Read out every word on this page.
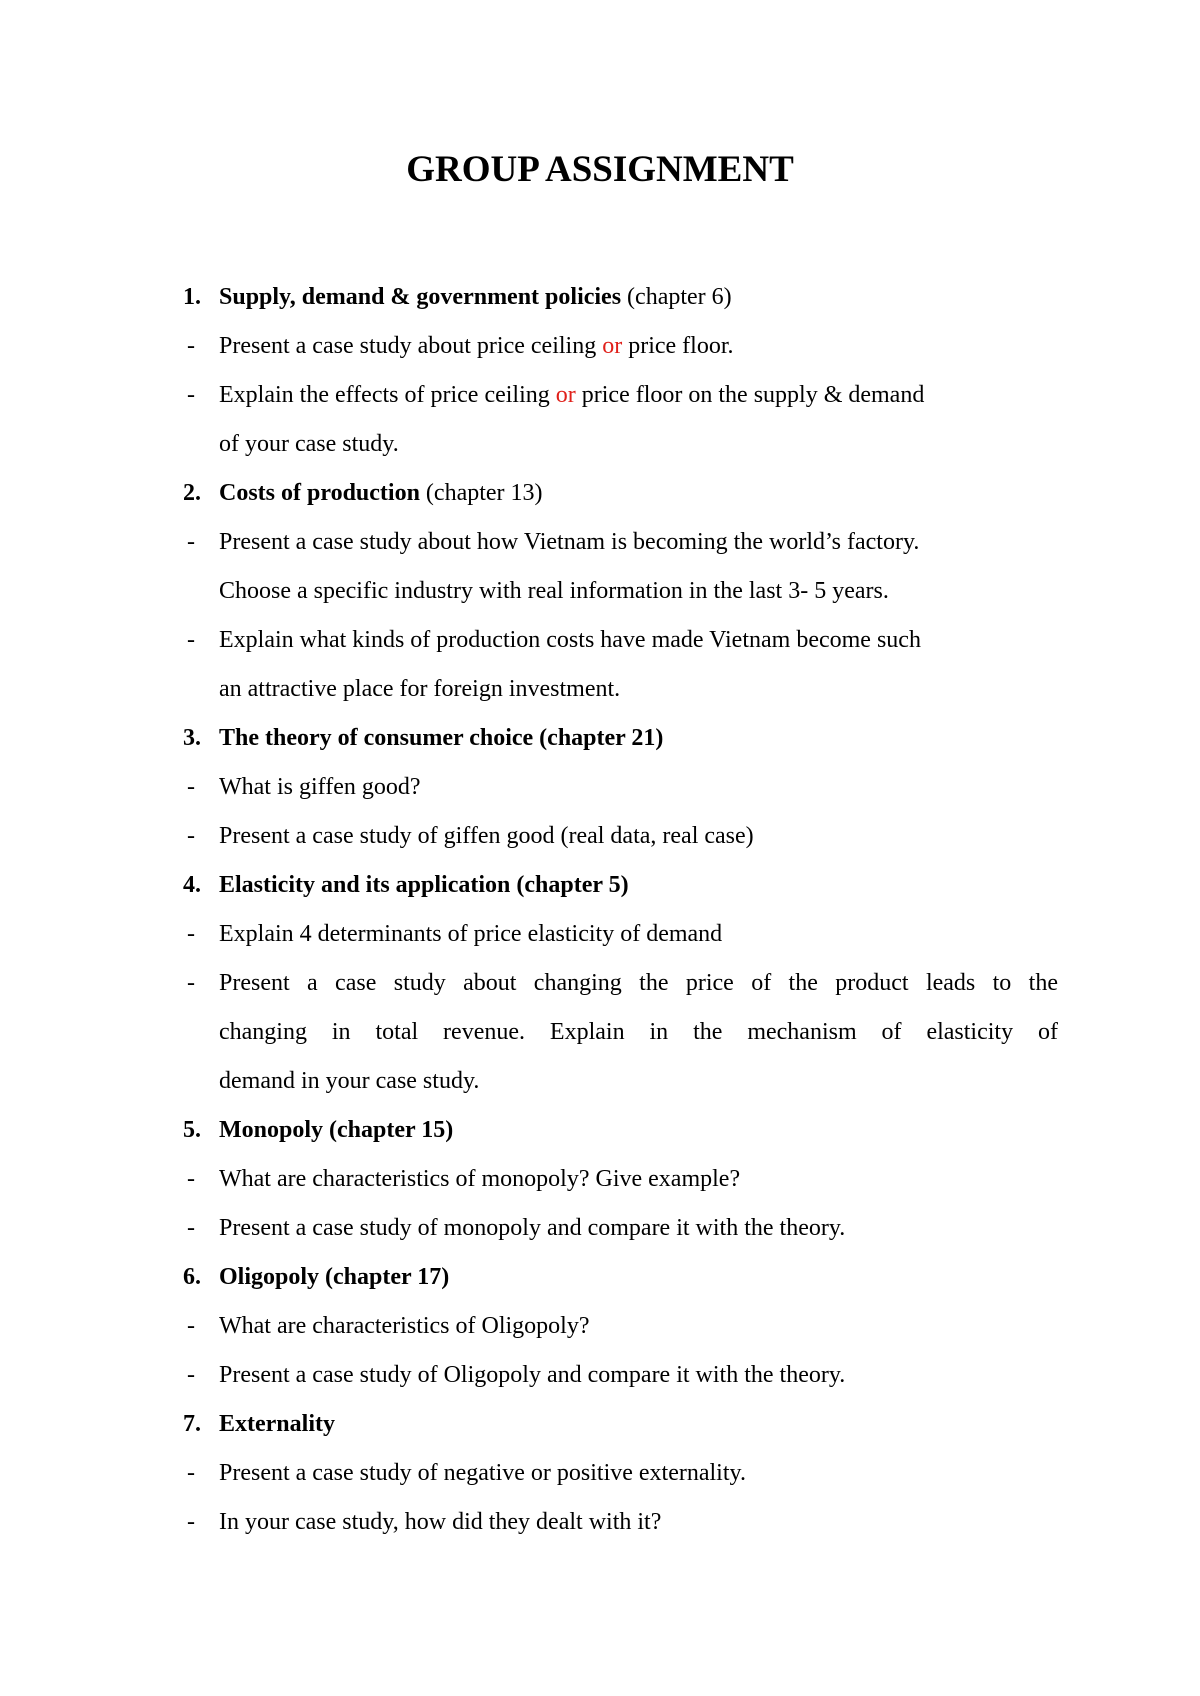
GROUP ASSIGNMENT
1. Supply, demand & government policies (chapter 6)
- Present a case study about price ceiling or price floor.
- Explain the effects of price ceiling or price floor on the supply & demand
of your case study.
2. Costs of production (chapter 13)
- Present a case study about how Vietnam is becoming the world’s factory.
Choose a specific industry with real information in the last 3- 5 years.
- Explain what kinds of production costs have made Vietnam become such
an attractive place for foreign investment.
3. The theory of consumer choice (chapter 21)
- What is giffen good?
- Present a case study of giffen good (real data, real case)
4. Elasticity and its application (chapter 5)
- Explain 4 determinants of price elasticity of demand
- Present a case study about changing the price of the product leads to the
changing in total revenue. Explain in the mechanism of elasticity of
demand in your case study.
5. Monopoly (chapter 15)
- What are characteristics of monopoly? Give example?
- Present a case study of monopoly and compare it with the theory.
6. Oligopoly (chapter 17)
- What are characteristics of Oligopoly?
- Present a case study of Oligopoly and compare it with the theory.
7. Externality
- Present a case study of negative or positive externality.
- In your case study, how did they dealt with it?
